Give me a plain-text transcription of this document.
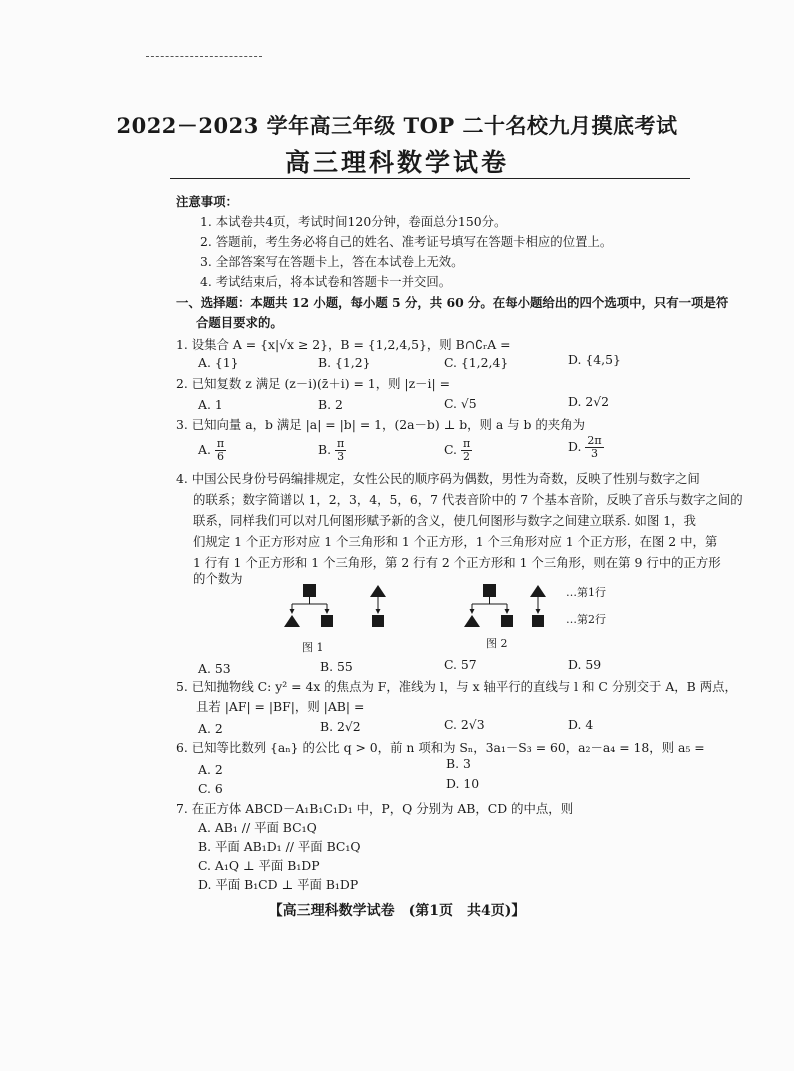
2022－2023 学年高三年级 TOP 二十名校九月摸底考试
高三理科数学试卷
注意事项：
1. 本试卷共4页，考试时间120分钟，卷面总分150分。
2. 答题前，考生务必将自己的姓名、准考证号填写在答题卡相应的位置上。
3. 全部答案写在答题卡上，答在本试卷上无效。
4. 考试结束后，将本试卷和答题卡一并交回。
一、选择题：本题共 12 小题，每小题 5 分，共 60 分。在每小题给出的四个选项中，只有一项是符
合题目要求的。
1. 设集合 A = {x|√x ≥ 2}，B = {1,2,4,5}，则 B∩∁ᵣA =
A. {1}	B. {1,2}	C. {1,2,4}	D. {4,5}
2. 已知复数 z 满足 (z－i)(z̄＋i) = 1，则 |z－i| =
A. 1	B. 2	C. √5	D. 2√2
3. 已知向量 a，b 满足 |a| = |b| = 1，(2a－b) ⊥ b，则 a 与 b 的夹角为
A. $\frac{\pi}{6}$	B. $\frac{\pi}{3}$	C. $\frac{\pi}{2}$	D. $\frac{2\pi}{3}$
4. 中国公民身份号码编排规定，女性公民的顺序码为偶数，男性为奇数，反映了性别与数字之间
的联系；数字简谱以 1，2，3，4，5，6，7 代表音阶中的 7 个基本音阶，反映了音乐与数字之间的
联系，同样我们可以对几何图形赋予新的含义，使几何图形与数字之间建立联系. 如图 1，我
们规定 1 个正方形对应 1 个三角形和 1 个正方形，1 个三角形对应 1 个正方形，在图 2 中，第
1 行有 1 个正方形和 1 个三角形，第 2 行有 2 个正方形和 1 个三角形，则在第 9 行中的正方形
的个数为
…第1行
…第2行
图 1	图 2
A. 53	B. 55	C. 57	D. 59
5. 已知抛物线 C: y² = 4x 的焦点为 F，准线为 l，与 x 轴平行的直线与 l 和 C 分别交于 A，B 两点，
且若 |AF| = |BF|，则 |AB| =
A. 2	B. 2√2	C. 2√3	D. 4
6. 已知等比数列 {aₙ} 的公比 q > 0，前 n 项和为 Sₙ，3a₁－S₃ = 60，a₂－a₄ = 18，则 a₅ =
A. 2	B. 3
C. 6	D. 10
7. 在正方体 ABCD－A₁B₁C₁D₁ 中，P，Q 分别为 AB，CD 的中点，则
A. AB₁ // 平面 BC₁Q
B. 平面 AB₁D₁ // 平面 BC₁Q
C. A₁Q ⊥ 平面 B₁DP
D. 平面 B₁CD ⊥ 平面 B₁DP
【高三理科数学试卷　(第1页　共4页)】
